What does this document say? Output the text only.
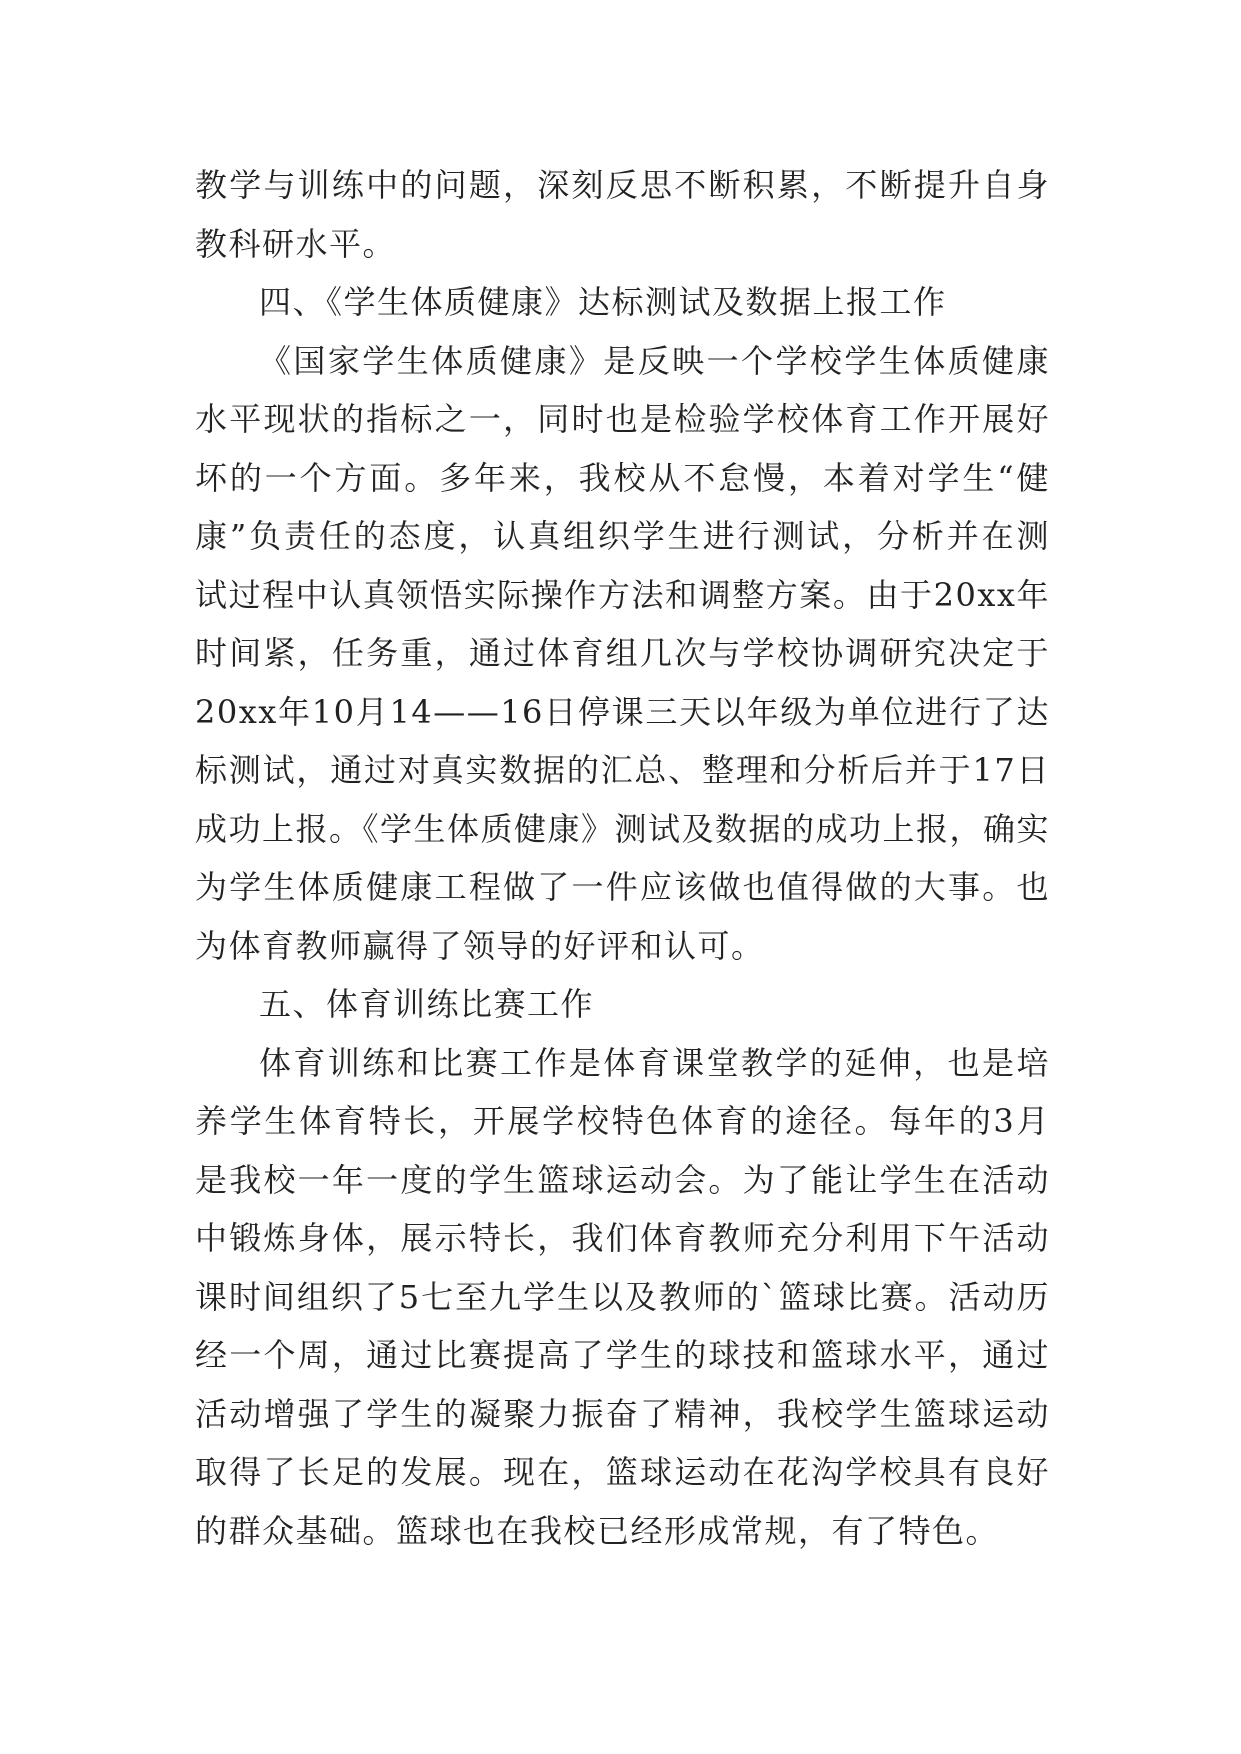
教学与训练中的问题，深刻反思不断积累，不断提升自身教科研水平。

四、《学生体质健康》达标测试及数据上报工作

《国家学生体质健康》是反映一个学校学生体质健康水平现状的指标之一，同时也是检验学校体育工作开展好坏的一个方面。多年来，我校从不怠慢，本着对学生“健康”负责任的态度，认真组织学生进行测试，分析并在测试过程中认真领悟实际操作方法和调整方案。由于20xx年时间紧，任务重，通过体育组几次与学校协调研究决定于20xx年10月14——16日停课三天以年级为单位进行了达标测试，通过对真实数据的汇总、整理和分析后并于17日成功上报。《学生体质健康》测试及数据的成功上报，确实为学生体质健康工程做了一件应该做也值得做的大事。也为体育教师赢得了领导的好评和认可。

五、体育训练比赛工作

体育训练和比赛工作是体育课堂教学的延伸，也是培养学生体育特长，开展学校特色体育的途径。每年的3月是我校一年一度的学生篮球运动会。为了能让学生在活动中锻炼身体，展示特长，我们体育教师充分利用下午活动课时间组织了5七至九学生以及教师的`篮球比赛。活动历经一个周，通过比赛提高了学生的球技和篮球水平，通过活动增强了学生的凝聚力振奋了精神，我校学生篮球运动取得了长足的发展。现在，篮球运动在花沟学校具有良好的群众基础。篮球也在我校已经形成常规，有了特色。
